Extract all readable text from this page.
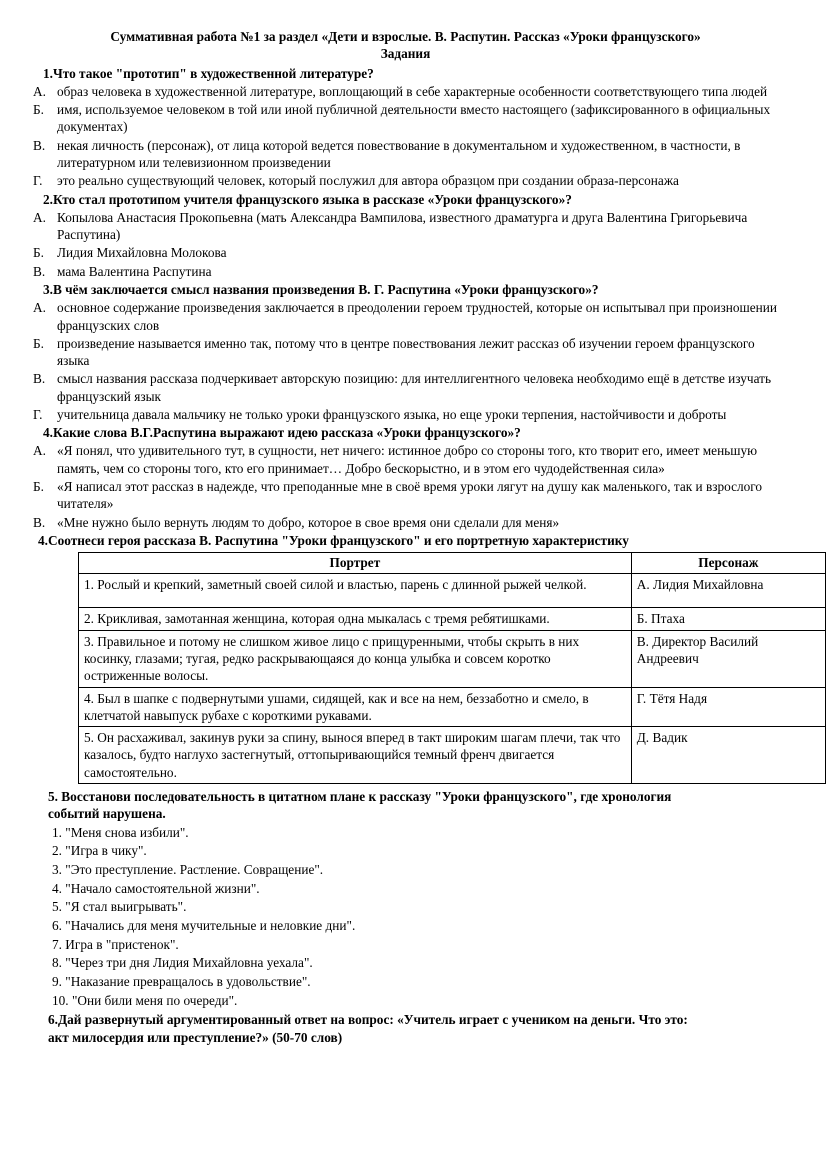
Суммативная работа №1 за раздел «Дети и взрослые. В. Распутин. Рассказ «Уроки французского»
Задания
1.Что такое "прототип" в художественной литературе?
А. образ человека в художественной литературе, воплощающий в себе характерные особенности соответствующего типа людей
Б. имя, используемое человеком в той или иной публичной деятельности вместо настоящего (зафиксированного в официальных документах)
В. некая личность (персонаж), от лица которой ведется повествование в документальном и художественном, в частности, в литературном или телевизионном произведении
Г.	это реально существующий человек, который послужил для автора образцом при создании образа-персонажа
2.Кто стал прототипом учителя французского языка в рассказе «Уроки французского»?
А. Копылова Анастасия Прокопьевна (мать Александра Вампилова, известного драматурга и друга Валентина Григорьевича Распутина)
Б. Лидия Михайловна Молокова
В. мама Валентина Распутина
3.В чём заключается смысл названия произведения В. Г. Распутина «Уроки французского»?
А. основное содержание произведения заключается в преодолении героем трудностей, которые он испытывал при произношении французских слов
Б. произведение называется именно так, потому что в центре повествования лежит рассказ об изучении героем французского языка
В. смысл названия рассказа подчеркивает авторскую позицию: для интеллигентного человека необходимо ещё в детстве изучать французский язык
Г.	учительница давала мальчику не только уроки французского языка, но еще уроки терпения, настойчивости и доброты
4.Какие слова В.Г.Распутина выражают идею рассказа «Уроки французского»?
А. «Я понял, что удивительного тут, в сущности, нет ничего: истинное добро со стороны того, кто творит его, имеет меньшую память, чем со стороны того, кто его принимает… Добро бескорыстно, и в этом его чудодейственная сила»
Б. «Я написал этот рассказ в надежде, что преподанные мне в своё время уроки лягут на душу как маленького, так и взрослого читателя»
В. «Мне нужно было вернуть людям то добро, которое в свое время они сделали для меня»
4.Соотнеси героя рассказа В. Распутина "Уроки французского" и его портретную характеристику
Портрет	Персонаж
1. Рослый и крепкий, заметный своей силой и властью, парень с длинной рыжей челкой.	А. Лидия Михайловна
2. Крикливая, замотанная женщина, которая одна мыкалась с тремя ребятишками.	Б. Птаха
3. Правильное и потому не слишком живое лицо с прищуренными, чтобы скрыть в них косинку, глазами; тугая, редко раскрывающаяся до конца улыбка и совсем коротко остриженные волосы.	В. Директор Василий Андреевич
4. Был в шапке с подвернутыми ушами, сидящей, как и все на нем, беззаботно и смело, в клетчатой навыпуск рубахе с короткими рукавами.	Г. Тётя Надя
5. Он расхаживал, закинув руки за спину, вынося вперед в такт широким шагам плечи, так что казалось, будто наглухо застегнутый, оттопыривающийся темный френч двигается самостоятельно.	Д. Вадик
5. Восстанови последовательность в цитатном плане к рассказу "Уроки французского", где хронология
событий нарушена.
1. "Меня снова избили".
2. "Игра в чику".
3. "Это преступление. Растление. Совращение".
4. "Начало самостоятельной жизни".
5. "Я стал выигрывать".
6. "Начались для меня мучительные и неловкие дни".
7. Игра в "пристенок".
8. "Через три дня Лидия Михайловна уехала".
9. "Наказание превращалось в удовольствие".
10. "Они били меня по очереди".
6.Дай развернутый аргументированный ответ на вопрос: «Учитель играет с учеником на деньги. Что это:
акт милосердия или преступление?» (50-70 слов)
